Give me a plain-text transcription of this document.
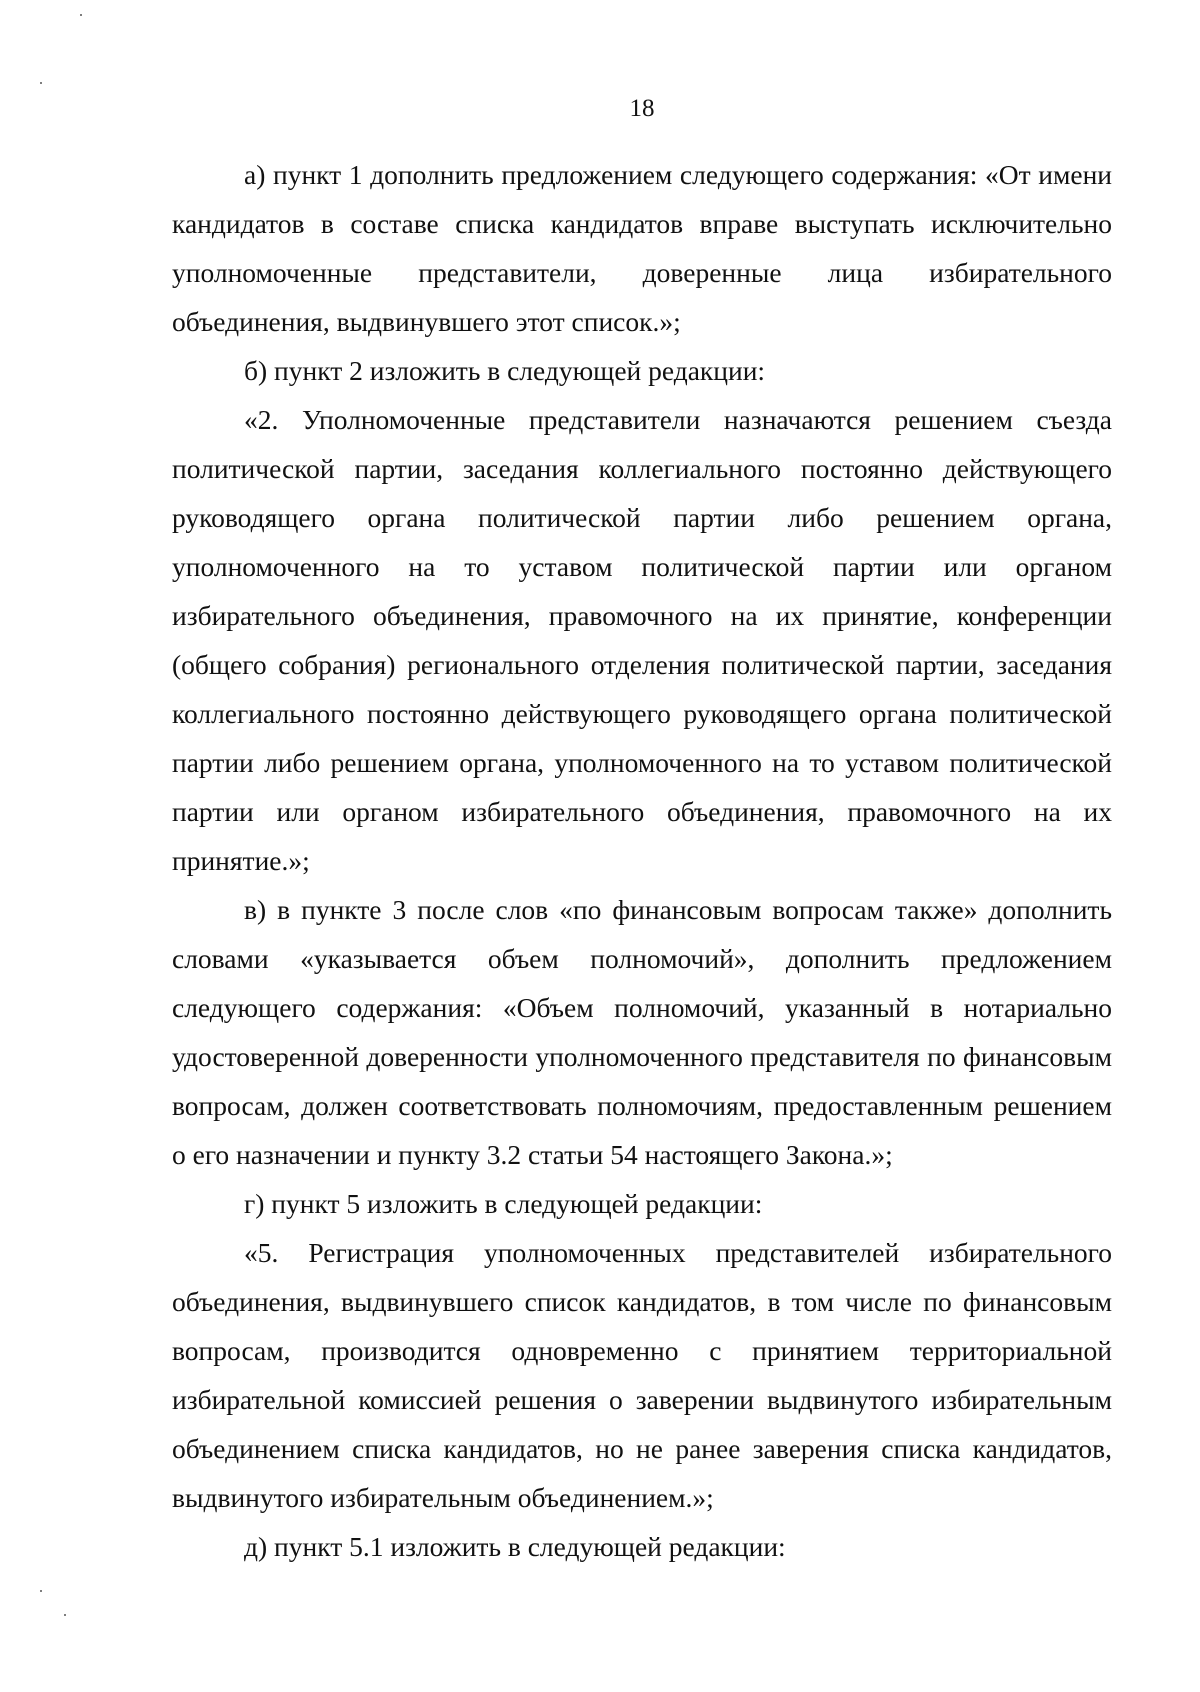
18

а) пункт 1 дополнить предложением следующего содержания: «От имени кандидатов в составе списка кандидатов вправе выступать исключительно уполномоченные представители, доверенные лица избирательного объединения, выдвинувшего этот список.»;

б) пункт 2 изложить в следующей редакции:

«2. Уполномоченные представители назначаются решением съезда политической партии, заседания коллегиального постоянно действующего руководящего органа политической партии либо решением органа, уполномоченного на то уставом политической партии или органом избирательного объединения, правомочного на их принятие, конференции (общего собрания) регионального отделения политической партии, заседания коллегиального постоянно действующего руководящего органа политической партии либо решением органа, уполномоченного на то уставом политической партии или органом избирательного объединения, правомочного на их принятие.»;

в) в пункте 3 после слов «по финансовым вопросам также» дополнить словами «указывается объем полномочий», дополнить предложением следующего содержания: «Объем полномочий, указанный в нотариально удостоверенной доверенности уполномоченного представителя по финансовым вопросам, должен соответствовать полномочиям, предоставленным решением о его назначении и пункту 3.2 статьи 54 настоящего Закона.»;

г) пункт 5 изложить в следующей редакции:

«5. Регистрация уполномоченных представителей избирательного объединения, выдвинувшего список кандидатов, в том числе по финансовым вопросам, производится одновременно с принятием территориальной избирательной комиссией решения о заверении выдвинутого избирательным объединением списка кандидатов, но не ранее заверения списка кандидатов, выдвинутого избирательным объединением.»;

д) пункт 5.1 изложить в следующей редакции:
